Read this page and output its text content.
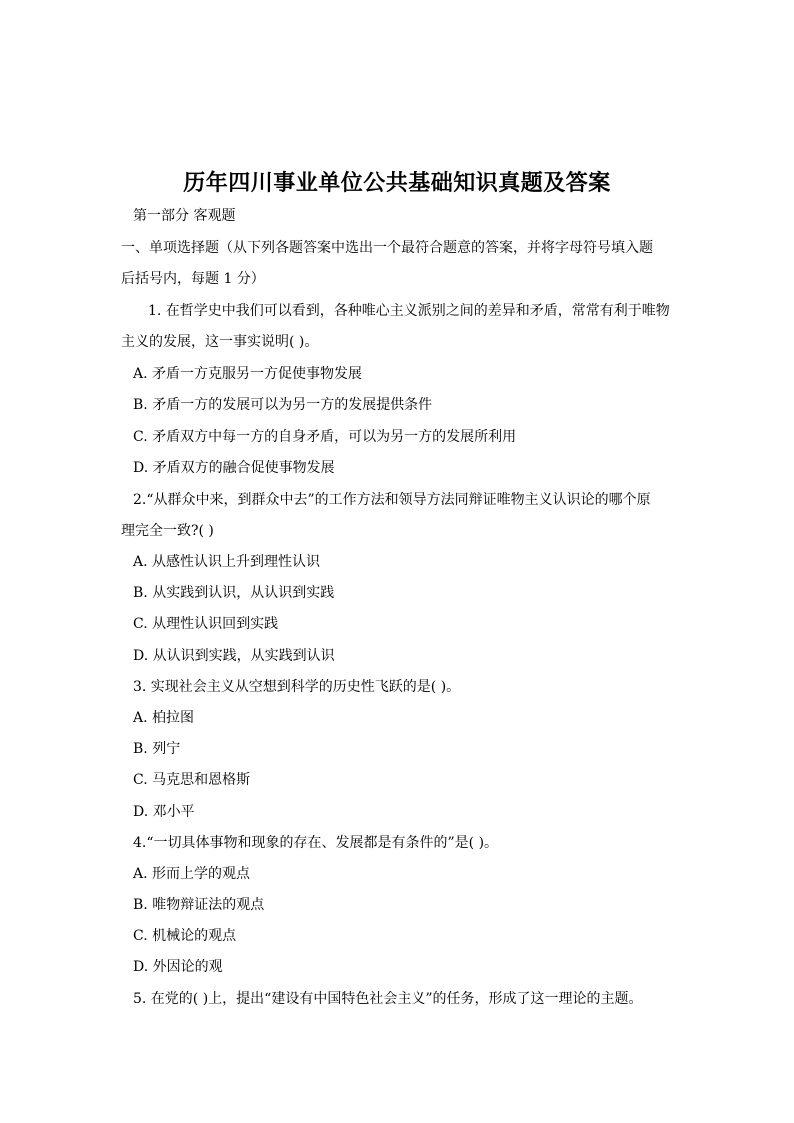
历年四川事业单位公共基础知识真题及答案
第一部分 客观题
一、单项选择题（从下列各题答案中选出一个最符合题意的答案，并将字母符号填入题
后括号内，每题 1 分）
1. 在哲学史中我们可以看到，各种唯心主义派别之间的差异和矛盾，常常有利于唯物
主义的发展，这一事实说明( )。
A. 矛盾一方克服另一方促使事物发展
B. 矛盾一方的发展可以为另一方的发展提供条件
C. 矛盾双方中每一方的自身矛盾，可以为另一方的发展所利用
D. 矛盾双方的融合促使事物发展
2.“从群众中来，到群众中去”的工作方法和领导方法同辩证唯物主义认识论的哪个原
理完全一致?( )
A. 从感性认识上升到理性认识
B. 从实践到认识，从认识到实践
C. 从理性认识回到实践
D. 从认识到实践，从实践到认识
3. 实现社会主义从空想到科学的历史性飞跃的是( )。
A. 柏拉图
B. 列宁
C. 马克思和恩格斯
D. 邓小平
4.“一切具体事物和现象的存在、发展都是有条件的”是( )。
A. 形而上学的观点
B. 唯物辩证法的观点
C. 机械论的观点
D. 外因论的观
5. 在党的( )上，提出“建设有中国特色社会主义”的任务，形成了这一理论的主题。
